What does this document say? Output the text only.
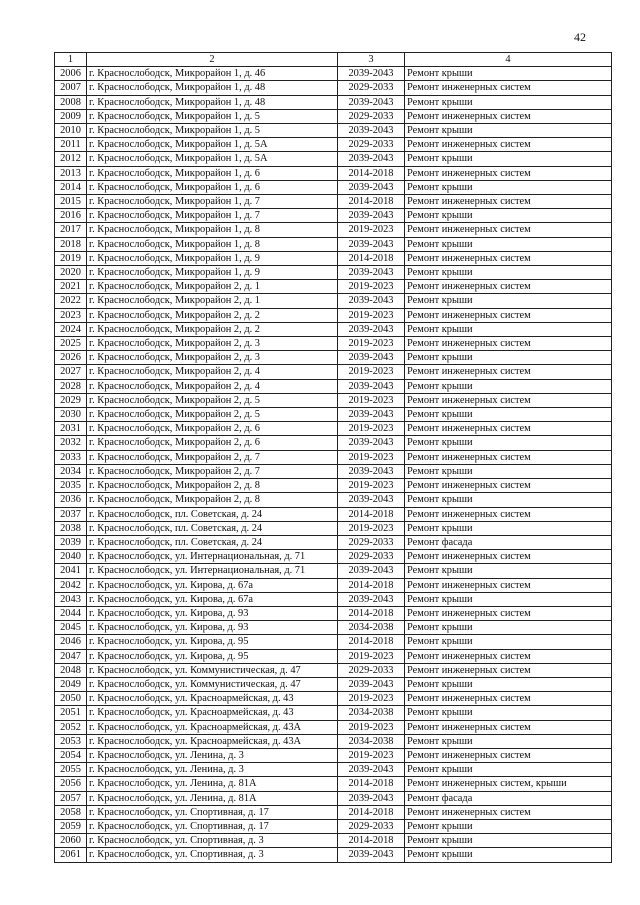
42
1	2	3	4
2006	г. Краснослободск, Микрорайон 1, д. 46	2039-2043	Ремонт крыши
2007	г. Краснослободск, Микрорайон 1, д. 48	2029-2033	Ремонт инженерных систем
2008	г. Краснослободск, Микрорайон 1, д. 48	2039-2043	Ремонт крыши
2009	г. Краснослободск, Микрорайон 1, д. 5	2029-2033	Ремонт инженерных систем
2010	г. Краснослободск, Микрорайон 1, д. 5	2039-2043	Ремонт крыши
2011	г. Краснослободск, Микрорайон 1, д. 5А	2029-2033	Ремонт инженерных систем
2012	г. Краснослободск, Микрорайон 1, д. 5А	2039-2043	Ремонт крыши
2013	г. Краснослободск, Микрорайон 1, д. 6	2014-2018	Ремонт инженерных систем
2014	г. Краснослободск, Микрорайон 1, д. 6	2039-2043	Ремонт крыши
2015	г. Краснослободск, Микрорайон 1, д. 7	2014-2018	Ремонт инженерных систем
2016	г. Краснослободск, Микрорайон 1, д. 7	2039-2043	Ремонт крыши
2017	г. Краснослободск, Микрорайон 1, д. 8	2019-2023	Ремонт инженерных систем
2018	г. Краснослободск, Микрорайон 1, д. 8	2039-2043	Ремонт крыши
2019	г. Краснослободск, Микрорайон 1, д. 9	2014-2018	Ремонт инженерных систем
2020	г. Краснослободск, Микрорайон 1, д. 9	2039-2043	Ремонт крыши
2021	г. Краснослободск, Микрорайон 2, д. 1	2019-2023	Ремонт инженерных систем
2022	г. Краснослободск, Микрорайон 2, д. 1	2039-2043	Ремонт крыши
2023	г. Краснослободск, Микрорайон 2, д. 2	2019-2023	Ремонт инженерных систем
2024	г. Краснослободск, Микрорайон 2, д. 2	2039-2043	Ремонт крыши
2025	г. Краснослободск, Микрорайон 2, д. 3	2019-2023	Ремонт инженерных систем
2026	г. Краснослободск, Микрорайон 2, д. 3	2039-2043	Ремонт крыши
2027	г. Краснослободск, Микрорайон 2, д. 4	2019-2023	Ремонт инженерных систем
2028	г. Краснослободск, Микрорайон 2, д. 4	2039-2043	Ремонт крыши
2029	г. Краснослободск, Микрорайон 2, д. 5	2019-2023	Ремонт инженерных систем
2030	г. Краснослободск, Микрорайон 2, д. 5	2039-2043	Ремонт крыши
2031	г. Краснослободск, Микрорайон 2, д. 6	2019-2023	Ремонт инженерных систем
2032	г. Краснослободск, Микрорайон 2, д. 6	2039-2043	Ремонт крыши
2033	г. Краснослободск, Микрорайон 2, д. 7	2019-2023	Ремонт инженерных систем
2034	г. Краснослободск, Микрорайон 2, д. 7	2039-2043	Ремонт крыши
2035	г. Краснослободск, Микрорайон 2, д. 8	2019-2023	Ремонт инженерных систем
2036	г. Краснослободск, Микрорайон 2, д. 8	2039-2043	Ремонт крыши
2037	г. Краснослободск, пл. Советская, д. 24	2014-2018	Ремонт инженерных систем
2038	г. Краснослободск, пл. Советская, д. 24	2019-2023	Ремонт крыши
2039	г. Краснослободск, пл. Советская, д. 24	2029-2033	Ремонт фасада
2040	г. Краснослободск, ул. Интернациональная, д. 71	2029-2033	Ремонт инженерных систем
2041	г. Краснослободск, ул. Интернациональная, д. 71	2039-2043	Ремонт крыши
2042	г. Краснослободск, ул. Кирова, д. 67а	2014-2018	Ремонт инженерных систем
2043	г. Краснослободск, ул. Кирова, д. 67а	2039-2043	Ремонт крыши
2044	г. Краснослободск, ул. Кирова, д. 93	2014-2018	Ремонт инженерных систем
2045	г. Краснослободск, ул. Кирова, д. 93	2034-2038	Ремонт крыши
2046	г. Краснослободск, ул. Кирова, д. 95	2014-2018	Ремонт крыши
2047	г. Краснослободск, ул. Кирова, д. 95	2019-2023	Ремонт инженерных систем
2048	г. Краснослободск, ул. Коммунистическая, д. 47	2029-2033	Ремонт инженерных систем
2049	г. Краснослободск, ул. Коммунистическая, д. 47	2039-2043	Ремонт крыши
2050	г. Краснослободск, ул. Красноармейская, д. 43	2019-2023	Ремонт инженерных систем
2051	г. Краснослободск, ул. Красноармейская, д. 43	2034-2038	Ремонт крыши
2052	г. Краснослободск, ул. Красноармейская, д. 43А	2019-2023	Ремонт инженерных систем
2053	г. Краснослободск, ул. Красноармейская, д. 43А	2034-2038	Ремонт крыши
2054	г. Краснослободск, ул. Ленина, д. 3	2019-2023	Ремонт инженерных систем
2055	г. Краснослободск, ул. Ленина, д. 3	2039-2043	Ремонт крыши
2056	г. Краснослободск, ул. Ленина, д. 81А	2014-2018	Ремонт инженерных систем, крыши
2057	г. Краснослободск, ул. Ленина, д. 81А	2039-2043	Ремонт фасада
2058	г. Краснослободск, ул. Спортивная, д. 17	2014-2018	Ремонт инженерных систем
2059	г. Краснослободск, ул. Спортивная, д. 17	2029-2033	Ремонт крыши
2060	г. Краснослободск, ул. Спортивная, д. 3	2014-2018	Ремонт крыши
2061	г. Краснослободск, ул. Спортивная, д. 3	2039-2043	Ремонт крыши
